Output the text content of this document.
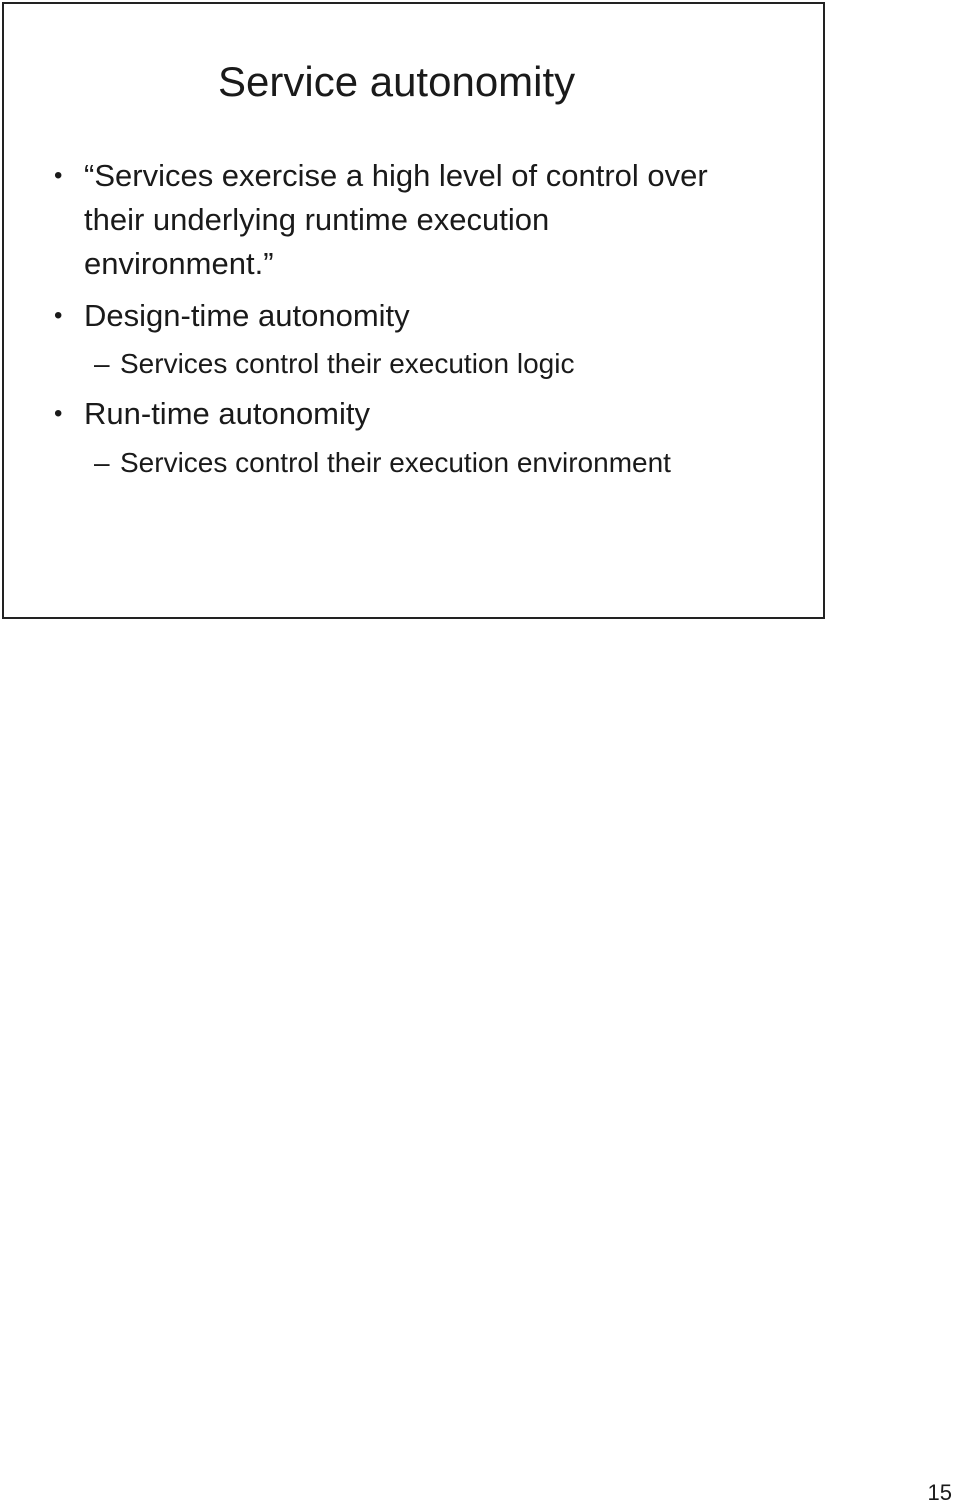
Service autonomity
• “Services exercise a high level of control over
their underlying runtime execution
environment.”
• Design-time autonomity
– Services control their execution logic
• Run-time autonomity
– Services control their execution environment
15
